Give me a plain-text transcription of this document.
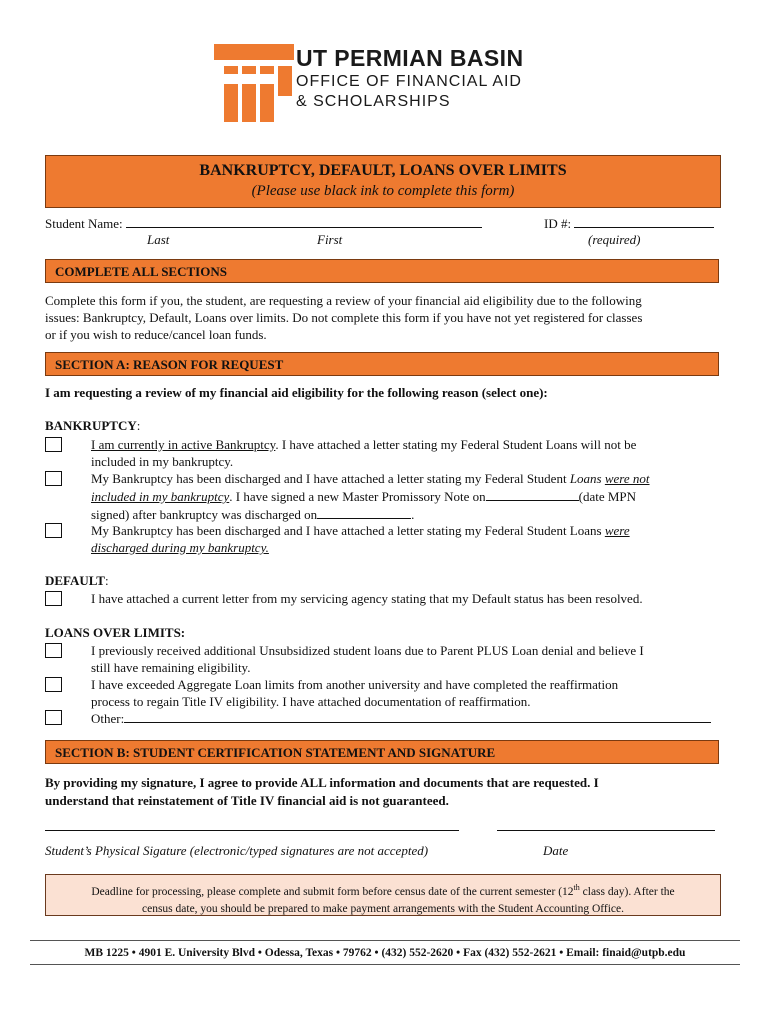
UT PERMIAN BASIN
OFFICE OF FINANCIAL AID
& SCHOLARSHIPS
BANKRUPTCY, DEFAULT, LOANS OVER LIMITS
(Please use black ink to complete this form)
Student Name:	ID #:
Last	First	(required)
COMPLETE ALL SECTIONS
Complete this form if you, the student, are requesting a review of your financial aid eligibility due to the following
issues: Bankruptcy, Default, Loans over limits. Do not complete this form if you have not yet registered for classes
or if you wish to reduce/cancel loan funds.
SECTION A: REASON FOR REQUEST
I am requesting a review of my financial aid eligibility for the following reason (select one):
BANKRUPTCY:
I am currently in active Bankruptcy. I have attached a letter stating my Federal Student Loans will not be
included in my bankruptcy.
My Bankruptcy has been discharged and I have attached a letter stating my Federal Student Loans were not
included in my bankruptcy. I have signed a new Master Promissory Note on	(date MPN
signed) after bankruptcy was discharged on	.
My Bankruptcy has been discharged and I have attached a letter stating my Federal Student Loans were
discharged during my bankruptcy.
DEFAULT:
I have attached a current letter from my servicing agency stating that my Default status has been resolved.
LOANS OVER LIMITS:
I previously received additional Unsubsidized student loans due to Parent PLUS Loan denial and believe I
still have remaining eligibility.
I have exceeded Aggregate Loan limits from another university and have completed the reaffirmation
process to regain Title IV eligibility. I have attached documentation of reaffirmation.
Other:
SECTION B: STUDENT CERTIFICATION STATEMENT AND SIGNATURE
By providing my signature, I agree to provide ALL information and documents that are requested. I
understand that reinstatement of Title IV financial aid is not guaranteed.
Student’s Physical Sigature (electronic/typed signatures are not accepted)	Date
Deadline for processing, please complete and submit form before census date of the current semester (12th class day). After the
census date, you should be prepared to make payment arrangements with the Student Accounting Office.
MB 1225 • 4901 E. University Blvd • Odessa, Texas • 79762 • (432) 552-2620 • Fax (432) 552-2621 • Email: finaid@utpb.edu
